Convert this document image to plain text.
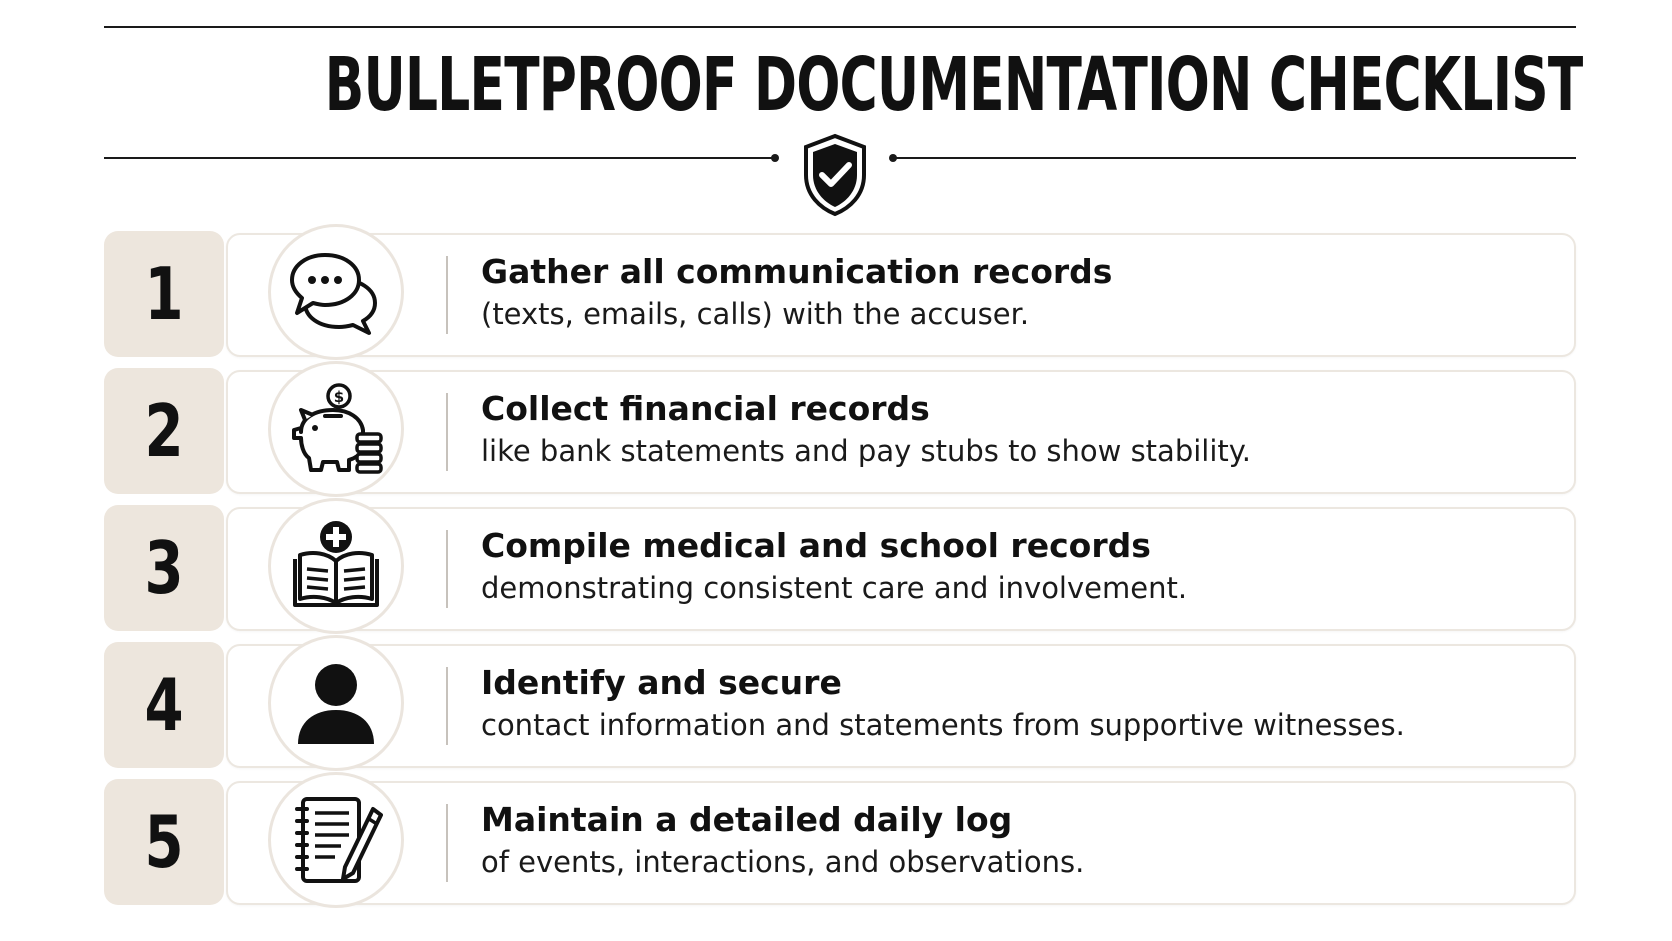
BULLETPROOF DOCUMENTATION CHECKLIST
1	Gather all communication records
(texts, emails, calls) with the accuser.
2	$	Collect financial records
like bank statements and pay stubs to show stability.
3	Compile medical and school records
demonstrating consistent care and involvement.
4	Identify and secure
contact information and statements from supportive witnesses.
5	Maintain a detailed daily log
of events, interactions, and observations.
